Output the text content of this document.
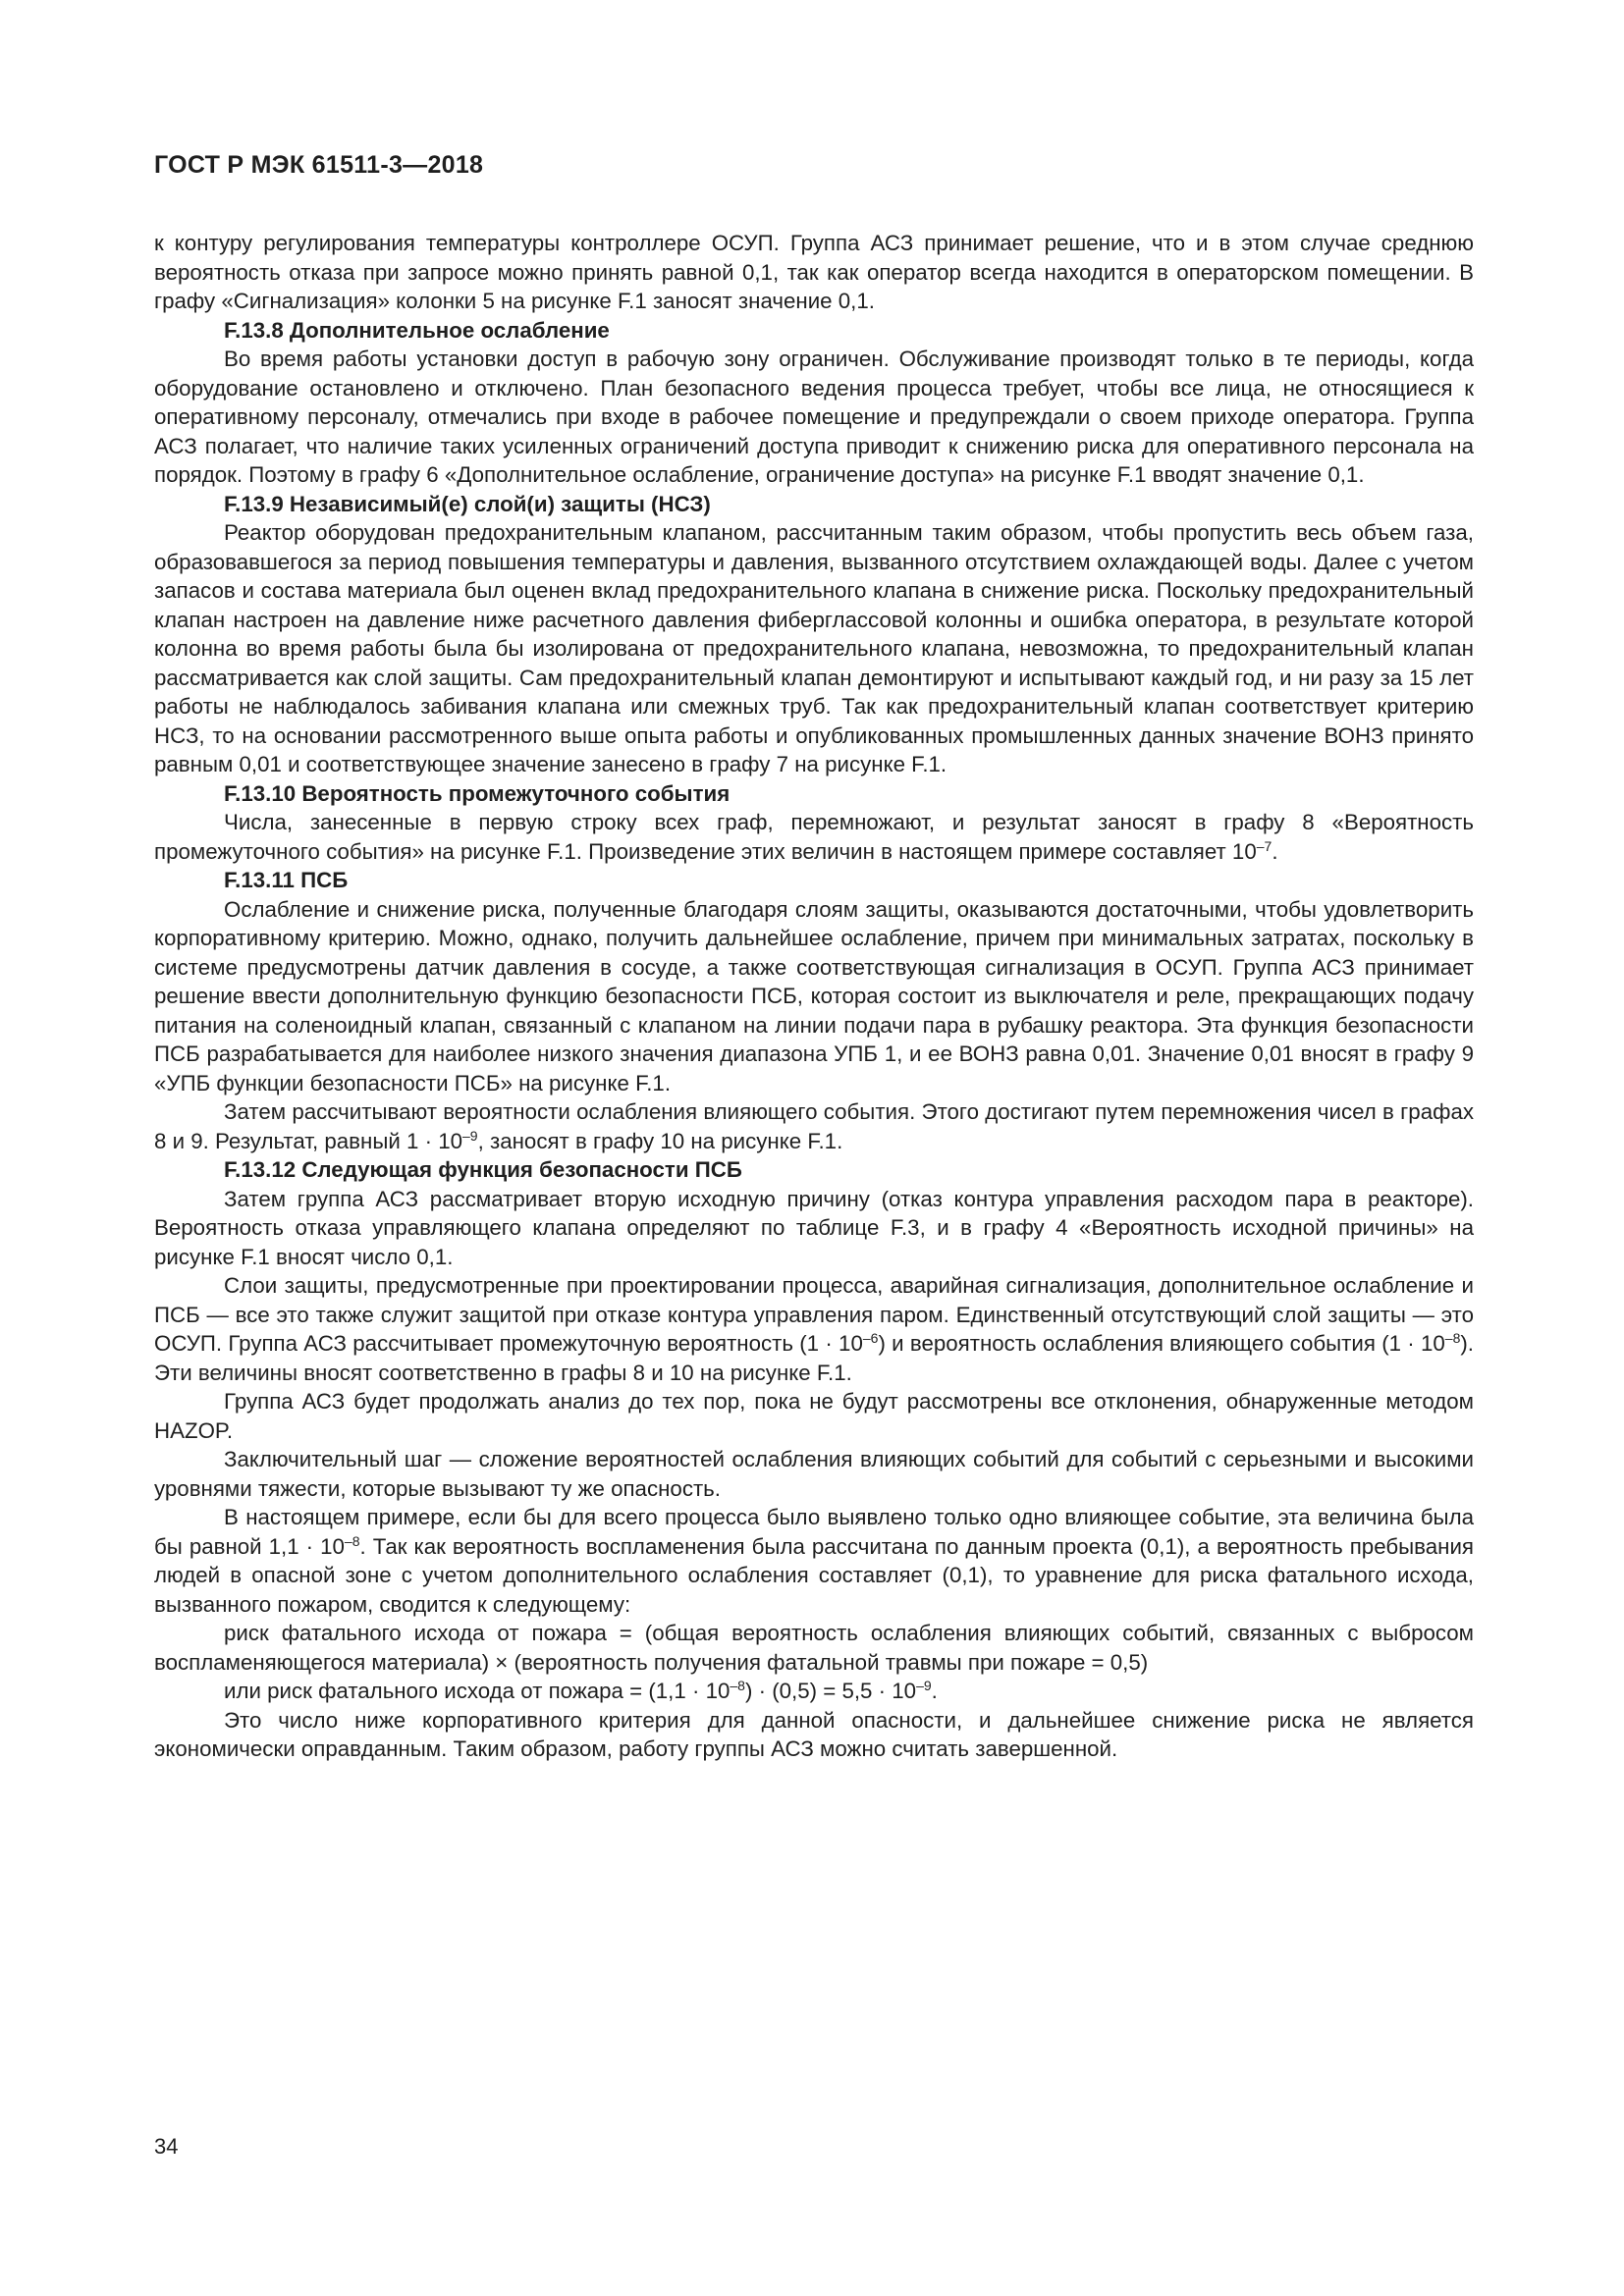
ГОСТ Р МЭК 61511-3—2018

к контуру регулирования температуры контроллере ОСУП. Группа АСЗ принимает решение, что и в этом случае среднюю вероятность отказа при запросе можно принять равной 0,1, так как оператор всегда находится в операторском помещении. В графу «Сигнализация» колонки 5 на рисунке F.1 заносят значение 0,1.

F.13.8 Дополнительное ослабление

Во время работы установки доступ в рабочую зону ограничен. Обслуживание производят только в те периоды, когда оборудование остановлено и отключено. План безопасного ведения процесса требует, чтобы все лица, не относящиеся к оперативному персоналу, отмечались при входе в рабочее помещение и предупреждали о своем приходе оператора. Группа АСЗ полагает, что наличие таких усиленных ограничений доступа приводит к снижению риска для оперативного персонала на порядок. Поэтому в графу 6 «Дополнительное ослабление, ограничение доступа» на рисунке F.1 вводят значение 0,1.

F.13.9 Независимый(е) слой(и) защиты (НСЗ)

Реактор оборудован предохранительным клапаном, рассчитанным таким образом, чтобы пропустить весь объем газа, образовавшегося за период повышения температуры и давления, вызванного отсутствием охлаждающей воды. Далее с учетом запасов и состава материала был оценен вклад предохранительного клапана в снижение риска. Поскольку предохранительный клапан настроен на давление ниже расчетного давления фиберглассовой колонны и ошибка оператора, в результате которой колонна во время работы была бы изолирована от предохранительного клапана, невозможна, то предохранительный клапан рассматривается как слой защиты. Сам предохранительный клапан демонтируют и испытывают каждый год, и ни разу за 15 лет работы не наблюдалось забивания клапана или смежных труб. Так как предохранительный клапан соответствует критерию НСЗ, то на основании рассмотренного выше опыта работы и опубликованных промышленных данных значение ВОНЗ принято равным 0,01 и соответствующее значение занесено в графу 7 на рисунке F.1.

F.13.10 Вероятность промежуточного события

Числа, занесенные в первую строку всех граф, перемножают, и результат заносят в графу 8 «Вероятность промежуточного события» на рисунке F.1. Произведение этих величин в настоящем примере составляет $10^{-7}$.

F.13.11 ПСБ

Ослабление и снижение риска, полученные благодаря слоям защиты, оказываются достаточными, чтобы удовлетворить корпоративному критерию. Можно, однако, получить дальнейшее ослабление, причем при минимальных затратах, поскольку в системе предусмотрены датчик давления в сосуде, а также соответствующая сигнализация в ОСУП. Группа АСЗ принимает решение ввести дополнительную функцию безопасности ПСБ, которая состоит из выключателя и реле, прекращающих подачу питания на соленоидный клапан, связанный с клапаном на линии подачи пара в рубашку реактора. Эта функция безопасности ПСБ разрабатывается для наиболее низкого значения диапазона УПБ 1, и ее ВОНЗ равна 0,01. Значение 0,01 вносят в графу 9 «УПБ функции безопасности ПСБ» на рисунке F.1.

Затем рассчитывают вероятности ослабления влияющего события. Этого достигают путем перемножения чисел в графах 8 и 9. Результат, равный $1 \cdot 10^{-9}$, заносят в графу 10 на рисунке F.1.

F.13.12 Следующая функция безопасности ПСБ

Затем группа АСЗ рассматривает вторую исходную причину (отказ контура управления расходом пара в реакторе). Вероятность отказа управляющего клапана определяют по таблице F.3, и в графу 4 «Вероятность исходной причины» на рисунке F.1 вносят число 0,1.

Слои защиты, предусмотренные при проектировании процесса, аварийная сигнализация, дополнительное ослабление и ПСБ — все это также служит защитой при отказе контура управления паром. Единственный отсутствующий слой защиты — это ОСУП. Группа АСЗ рассчитывает промежуточную вероятность $(1 \cdot 10^{-6})$ и вероятность ослабления влияющего события $(1 \cdot 10^{-8})$. Эти величины вносят соответственно в графы 8 и 10 на рисунке F.1.

Группа АСЗ будет продолжать анализ до тех пор, пока не будут рассмотрены все отклонения, обнаруженные методом HAZOP.

Заключительный шаг — сложение вероятностей ослабления влияющих событий для событий с серьезными и высокими уровнями тяжести, которые вызывают ту же опасность.

В настоящем примере, если бы для всего процесса было выявлено только одно влияющее событие, эта величина была бы равной $1,1 \cdot 10^{-8}$. Так как вероятность воспламенения была рассчитана по данным проекта (0,1), а вероятность пребывания людей в опасной зоне с учетом дополнительного ослабления составляет (0,1), то уравнение для риска фатального исхода, вызванного пожаром, сводится к следующему:

риск фатального исхода от пожара = (общая вероятность ослабления влияющих событий, связанных с выбросом воспламеняющегося материала) × (вероятность получения фатальной травмы при пожаре = 0,5)

или риск фатального исхода от пожара = $(1,1 \cdot 10^{-8}) \cdot (0,5) = 5,5 \cdot 10^{-9}$.

Это число ниже корпоративного критерия для данной опасности, и дальнейшее снижение риска не является экономически оправданным. Таким образом, работу группы АСЗ можно считать завершенной.

34
